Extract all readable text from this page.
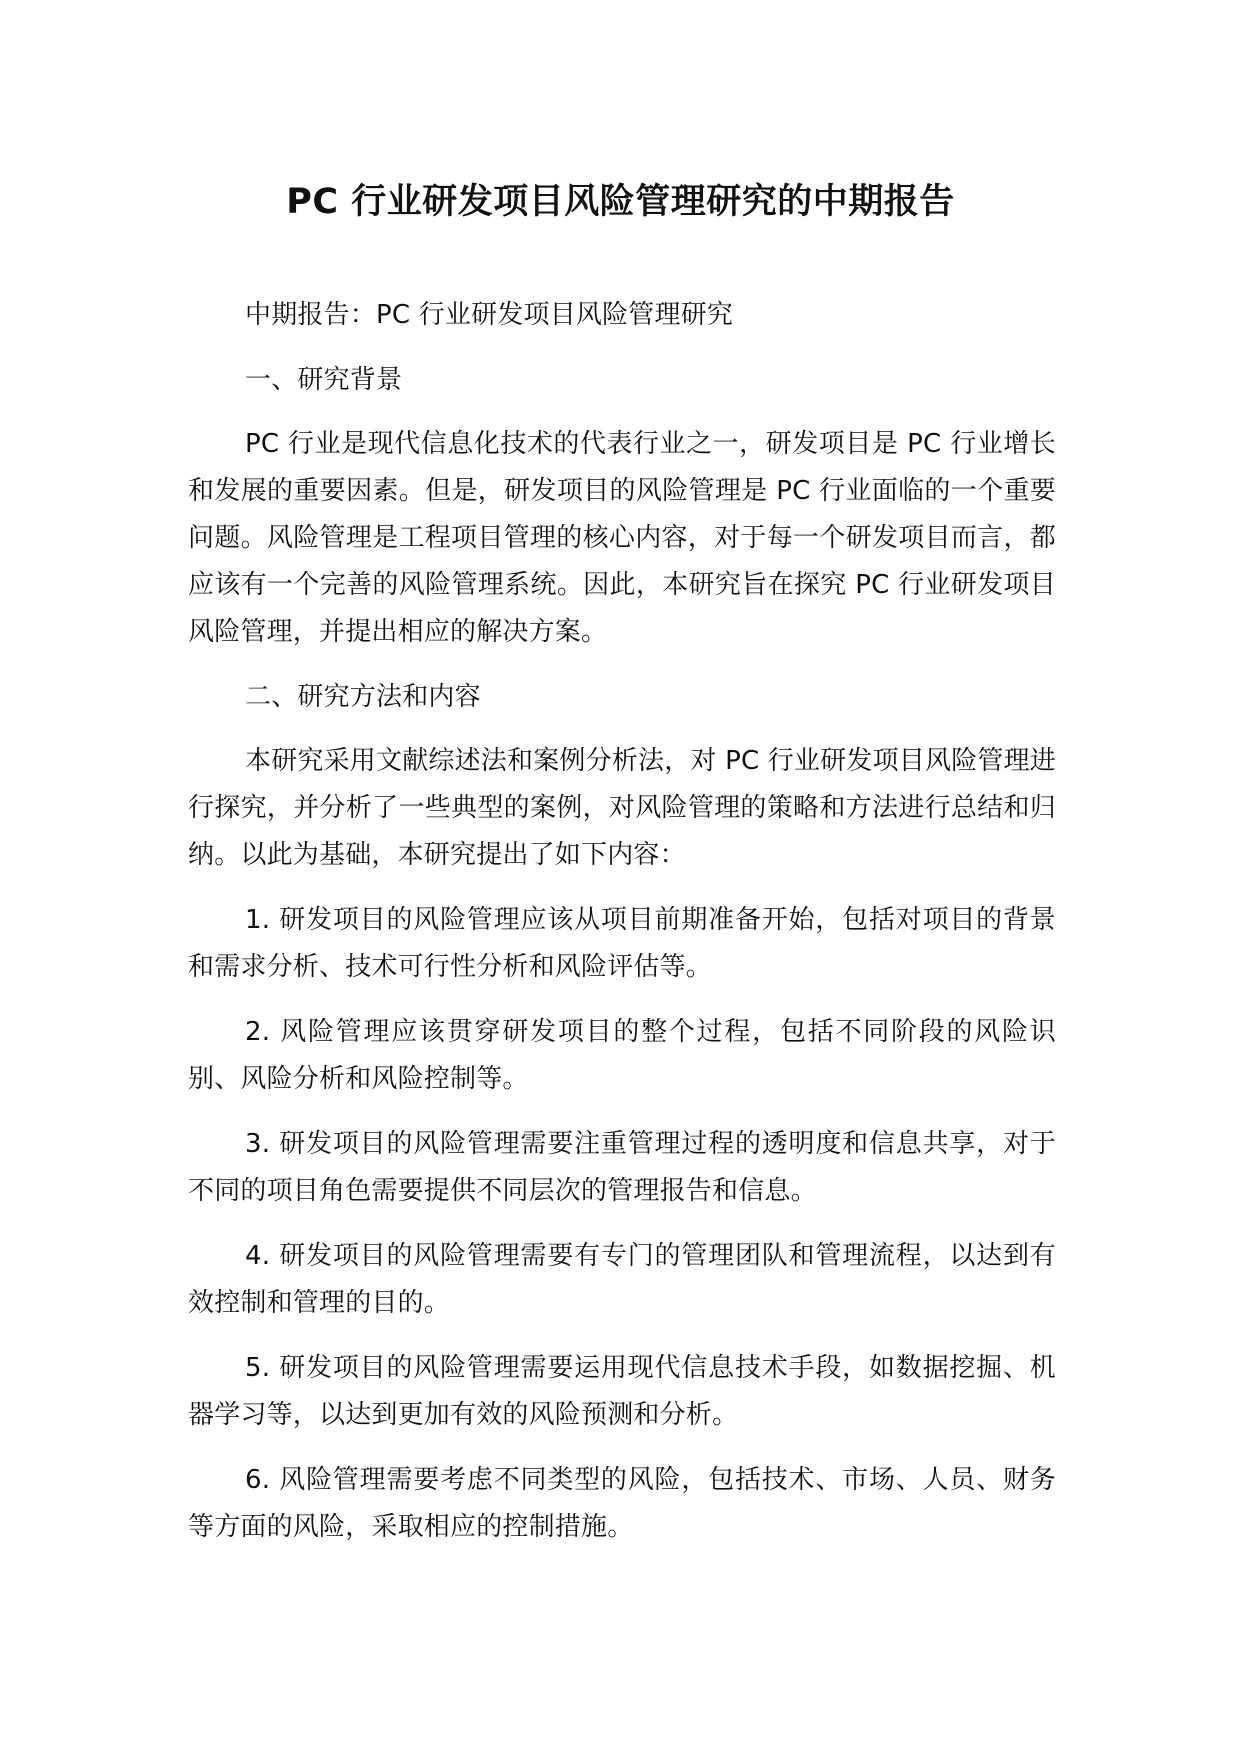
PC 行业研发项目风险管理研究的中期报告

中期报告：PC 行业研发项目风险管理研究

一、研究背景

PC 行业是现代信息化技术的代表行业之一，研发项目是 PC 行业增长和发展的重要因素。但是，研发项目的风险管理是 PC 行业面临的一个重要问题。风险管理是工程项目管理的核心内容，对于每一个研发项目而言，都应该有一个完善的风险管理系统。因此，本研究旨在探究 PC 行业研发项目风险管理，并提出相应的解决方案。

二、研究方法和内容

本研究采用文献综述法和案例分析法，对 PC 行业研发项目风险管理进行探究，并分析了一些典型的案例，对风险管理的策略和方法进行总结和归纳。以此为基础，本研究提出了如下内容：

1. 研发项目的风险管理应该从项目前期准备开始，包括对项目的背景和需求分析、技术可行性分析和风险评估等。

2. 风险管理应该贯穿研发项目的整个过程，包括不同阶段的风险识别、风险分析和风险控制等。

3. 研发项目的风险管理需要注重管理过程的透明度和信息共享，对于不同的项目角色需要提供不同层次的管理报告和信息。

4. 研发项目的风险管理需要有专门的管理团队和管理流程，以达到有效控制和管理的目的。

5. 研发项目的风险管理需要运用现代信息技术手段，如数据挖掘、机器学习等，以达到更加有效的风险预测和分析。

6. 风险管理需要考虑不同类型的风险，包括技术、市场、人员、财务等方面的风险，采取相应的控制措施。
